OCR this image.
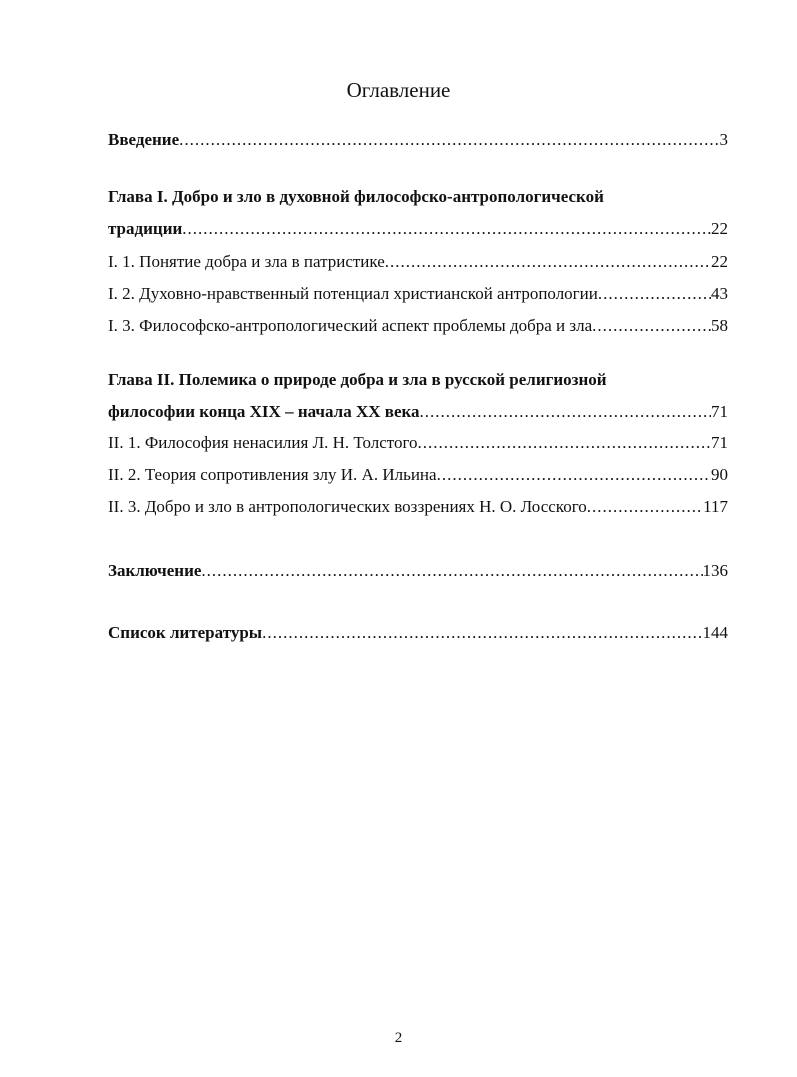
Оглавление
Введение .....	3
Глава I. Добро и зло в духовной философско-антропологической
традиции .....	22
I. 1. Понятие добра и зла в патристике .....	22
I. 2. Духовно-нравственный потенциал христианской антропологии .....	43
I. 3. Философско-антропологический аспект проблемы добра и зла .....	58
Глава II. Полемика о природе добра и зла в русской религиозной
философии конца XIX – начала XX века .....	71
II. 1. Философия ненасилия Л. Н. Толстого .....	71
II. 2. Теория сопротивления злу И. А. Ильина .....	90
II. 3. Добро и зло в антропологических воззрениях Н. О. Лосского .....	117
Заключение .....	136
Список литературы .....	144
2
